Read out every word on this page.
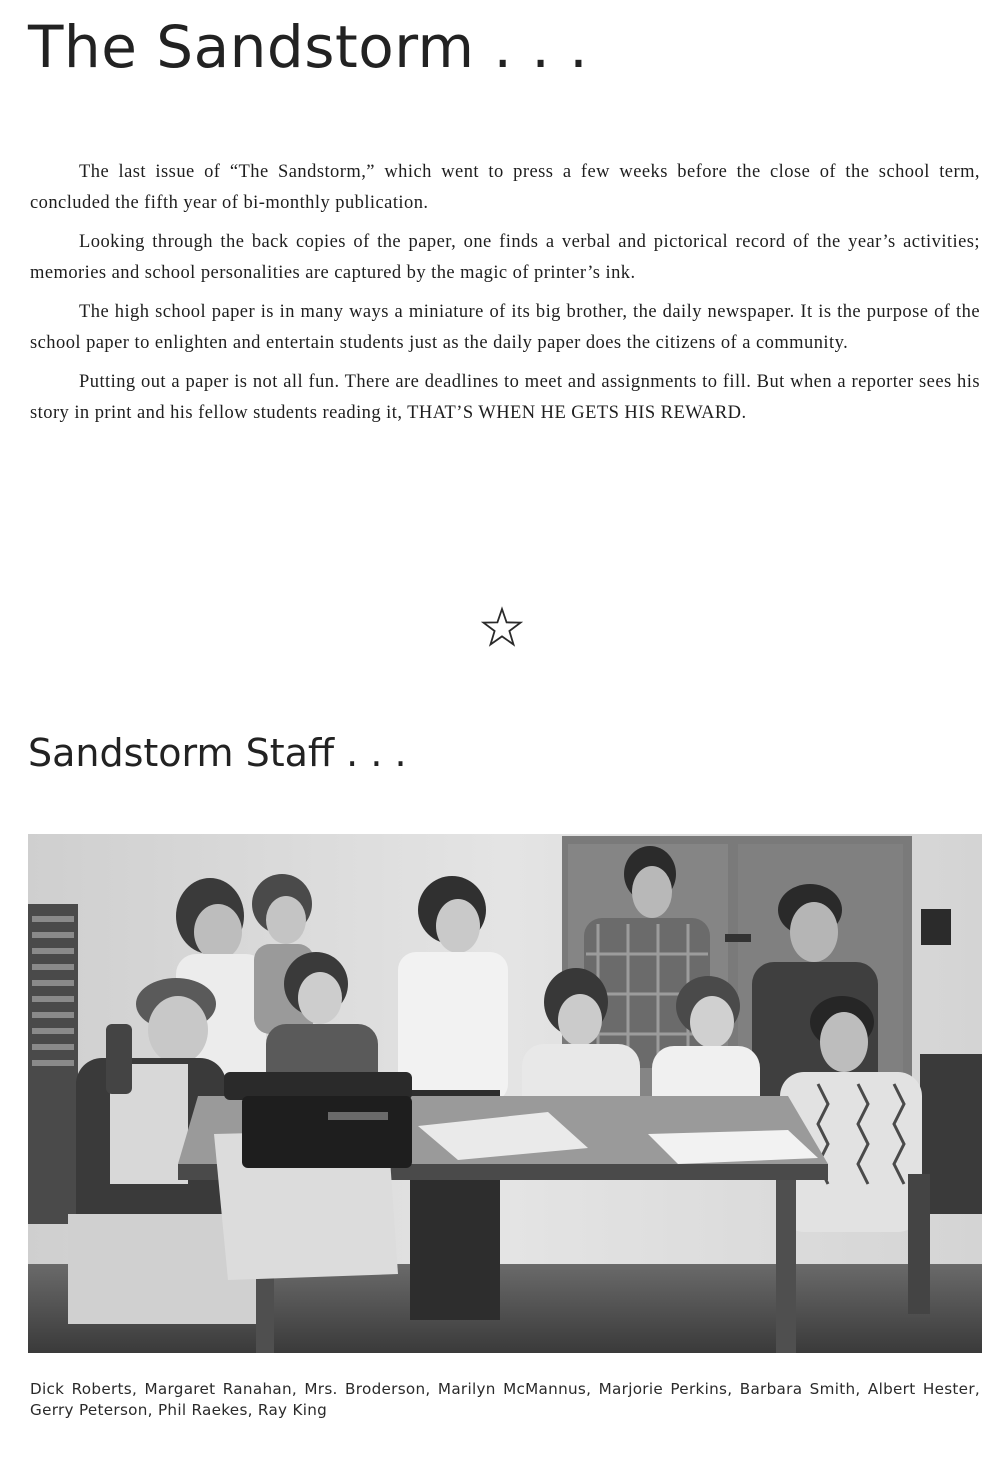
The Sandstorm . . .

The last issue of “The Sandstorm,” which went to press a few weeks before the close of the school term, concluded the fifth year of bi-monthly publication.

Looking through the back copies of the paper, one finds a verbal and pictorical record of the year’s activities; memories and school personalities are captured by the magic of printer’s ink.

The high school paper is in many ways a miniature of its big brother, the daily newspaper. It is the purpose of the school paper to enlighten and entertain students just as the daily paper does the citizens of a community.

Putting out a paper is not all fun. There are deadlines to meet and assignments to fill. But when a reporter sees his story in print and his fellow students reading it, THAT’S WHEN HE GETS HIS REWARD.

Sandstorm Staff . . .

Dick Roberts, Margaret Ranahan, Mrs. Broderson, Marilyn McMannus, Marjorie Perkins, Barbara Smith, Albert Hester, Gerry Peterson, Phil Raekes, Ray King
